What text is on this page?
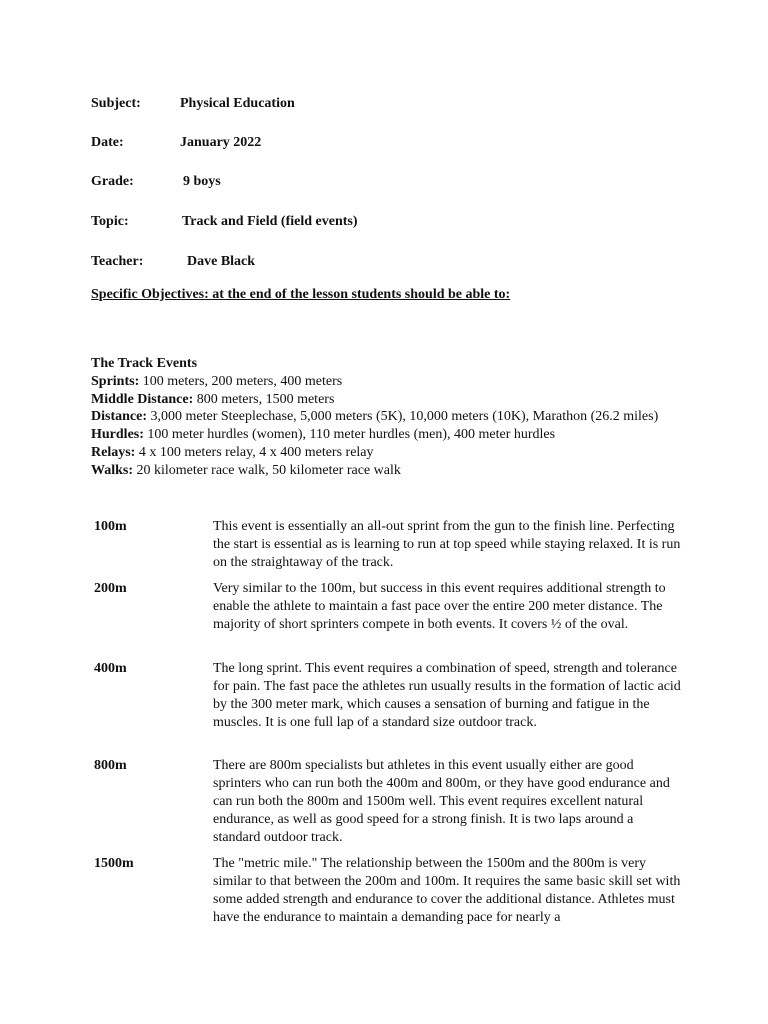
Subject:	Physical Education
Date:	January 2022
Grade:	9 boys
Topic:	Track and Field (field events)
Teacher:	Dave Black
Specific Objectives: at the end of the lesson students should be able to:
The Track Events
Sprints: 100 meters, 200 meters, 400 meters
Middle Distance: 800 meters, 1500 meters
Distance: 3,000 meter Steeplechase, 5,000 meters (5K), 10,000 meters (10K), Marathon (26.2 miles)
Hurdles: 100 meter hurdles (women), 110 meter hurdles (men), 400 meter hurdles
Relays: 4 x 100 meters relay, 4 x 400 meters relay
Walks: 20 kilometer race walk, 50 kilometer race walk
100m	This event is essentially an all-out sprint from the gun to the finish line. Perfecting the start is essential as is learning to run at top speed while staying relaxed. It is run on the straightaway of the track.
200m	Very similar to the 100m, but success in this event requires additional strength to enable the athlete to maintain a fast pace over the entire 200 meter distance. The majority of short sprinters compete in both events. It covers ½ of the oval.
400m	The long sprint. This event requires a combination of speed, strength and tolerance for pain. The fast pace the athletes run usually results in the formation of lactic acid by the 300 meter mark, which causes a sensation of burning and fatigue in the muscles. It is one full lap of a standard size outdoor track.
800m	There are 800m specialists but athletes in this event usually either are good sprinters who can run both the 400m and 800m, or they have good endurance and can run both the 800m and 1500m well. This event requires excellent natural endurance, as well as good speed for a strong finish. It is two laps around a standard outdoor track.
1500m	The "metric mile." The relationship between the 1500m and the 800m is very similar to that between the 200m and 100m. It requires the same basic skill set with some added strength and endurance to cover the additional distance. Athletes must have the endurance to maintain a demanding pace for nearly a
